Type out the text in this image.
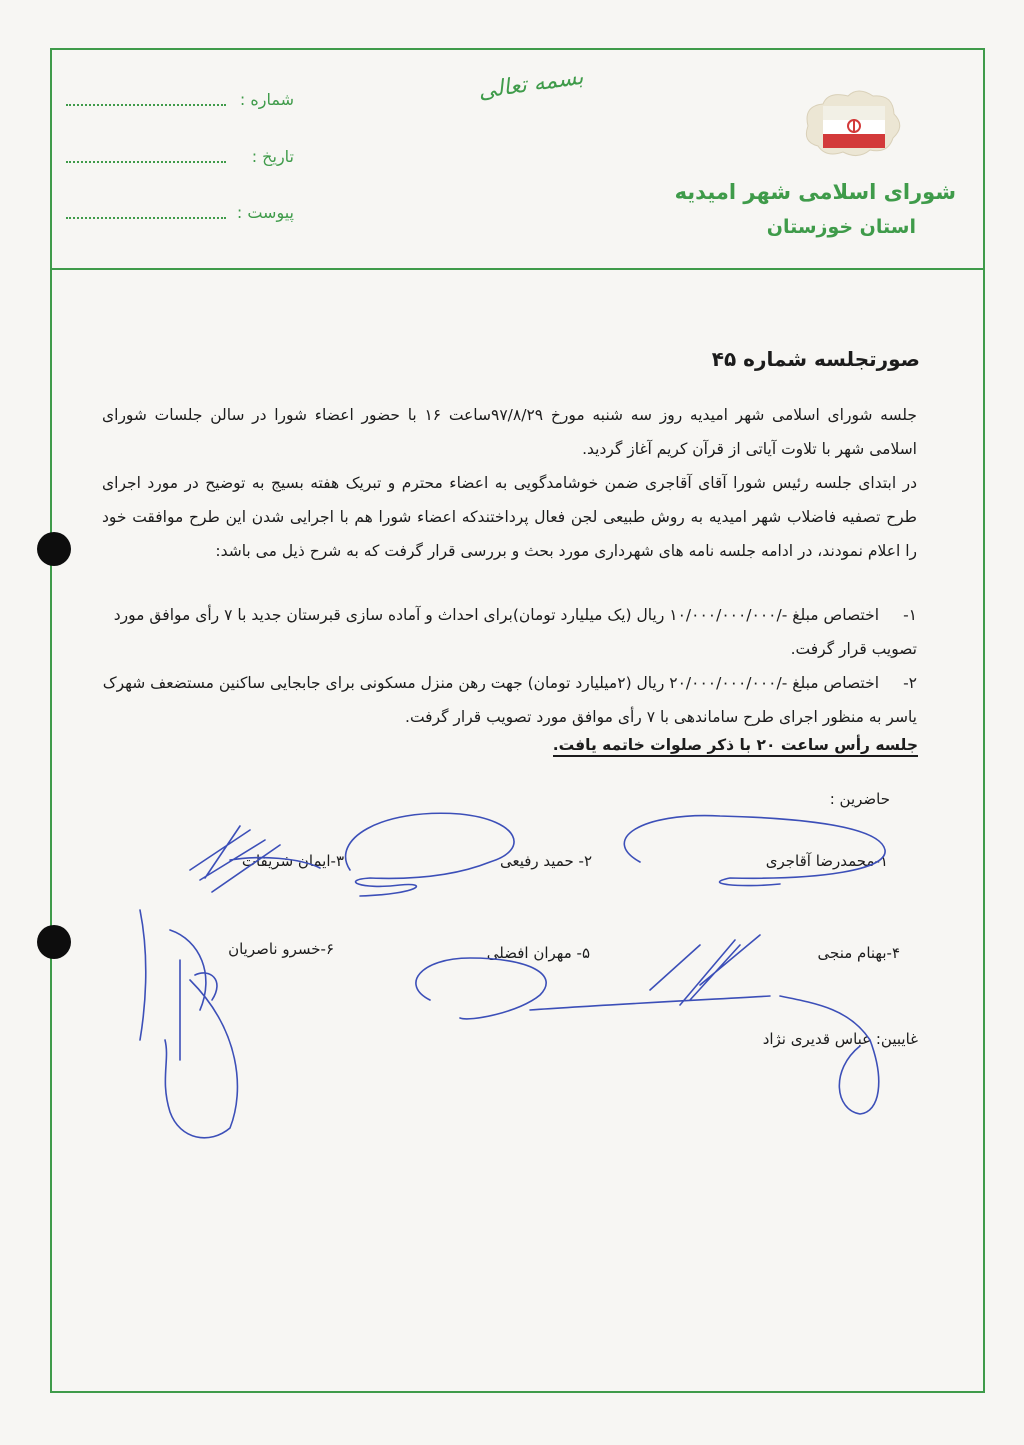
شماره :
تاریخ :
پیوست :
بسمه تعالی
شورای اسلامی شهر امیدیه
استان خوزستان
صورتجلسه شماره ۴۵
جلسه شورای اسلامی شهر امیدیه روز سه شنبه مورخ ۹۷/۸/۲۹ساعت ۱۶ با حضور اعضاء شورا در سالن جلسات شورای اسلامی شهر با تلاوت آیاتی از قرآن کریم آغاز گردید.
در ابتدای جلسه رئیس شورا آقای آقاجری ضمن خوشامدگویی به اعضاء محترم و تبریک هفته بسیج به توضیح در مورد اجرای طرح تصفیه فاضلاب شهر امیدیه به روش طبیعی لجن فعال پرداختندکه اعضاء شورا هم با اجرایی شدن این طرح موافقت خود را اعلام نمودند، در ادامه جلسه نامه های شهرداری مورد بحث و بررسی قرار گرفت که به شرح ذیل می باشد:
۱-اختصاص مبلغ -/۱۰/۰۰۰/۰۰۰/۰۰۰ ریال (یک میلیارد تومان)برای احداث و آماده سازی قبرستان جدید با ۷ رأی موافق مورد تصویب قرار گرفت.
۲-اختصاص مبلغ -/۲۰/۰۰۰/۰۰۰/۰۰۰ ریال (۲میلیارد تومان) جهت رهن منزل مسکونی برای جابجایی ساکنین مستضعف شهرک یاسر به منظور اجرای طرح ساماندهی با ۷ رأی موافق مورد تصویب قرار گرفت.
جلسه رأس ساعت ۲۰ با ذکر صلوات خاتمه یافت.
حاضرین :
۱-محمدرضا آقاجری
۲- حمید رفیعی
۳-ایمان شریفات
۴-بهنام منجی
۵- مهران افضلی
۶-خسرو ناصریان
غایبین: عباس قدیری نژاد
